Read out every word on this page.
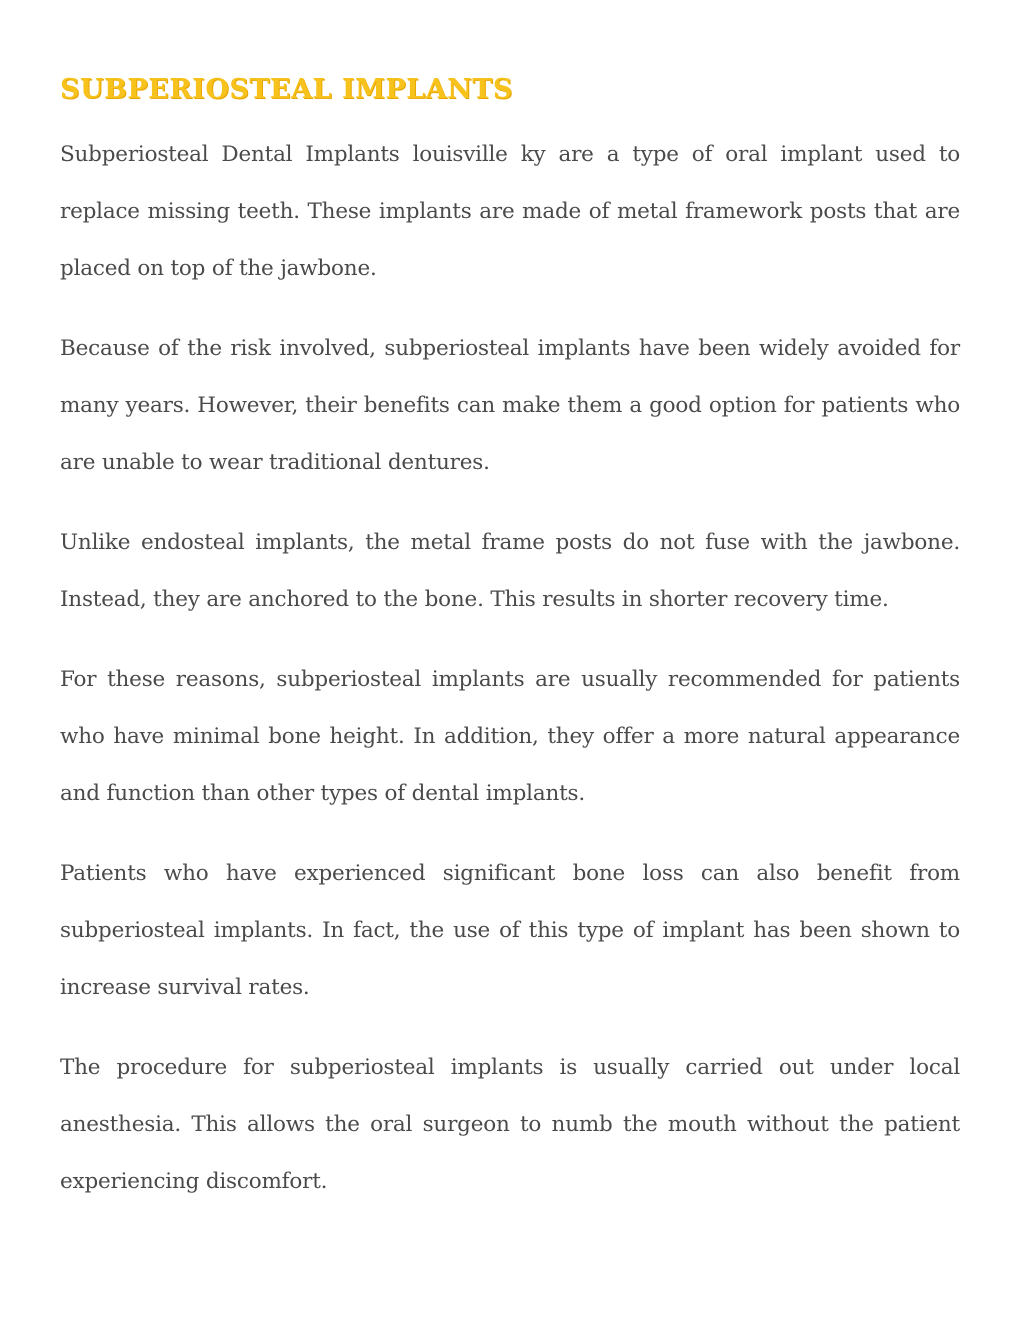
SUBPERIOSTEAL IMPLANTS

Subperiosteal Dental Implants louisville ky are a type of oral implant used to replace missing teeth. These implants are made of metal framework posts that are placed on top of the jawbone.

Because of the risk involved, subperiosteal implants have been widely avoided for many years. However, their benefits can make them a good option for patients who are unable to wear traditional dentures.

Unlike endosteal implants, the metal frame posts do not fuse with the jawbone. Instead, they are anchored to the bone. This results in shorter recovery time.

For these reasons, subperiosteal implants are usually recommended for patients who have minimal bone height. In addition, they offer a more natural appearance and function than other types of dental implants.

Patients who have experienced significant bone loss can also benefit from subperiosteal implants. In fact, the use of this type of implant has been shown to increase survival rates.

The procedure for subperiosteal implants is usually carried out under local anesthesia. This allows the oral surgeon to numb the mouth without the patient experiencing discomfort.
